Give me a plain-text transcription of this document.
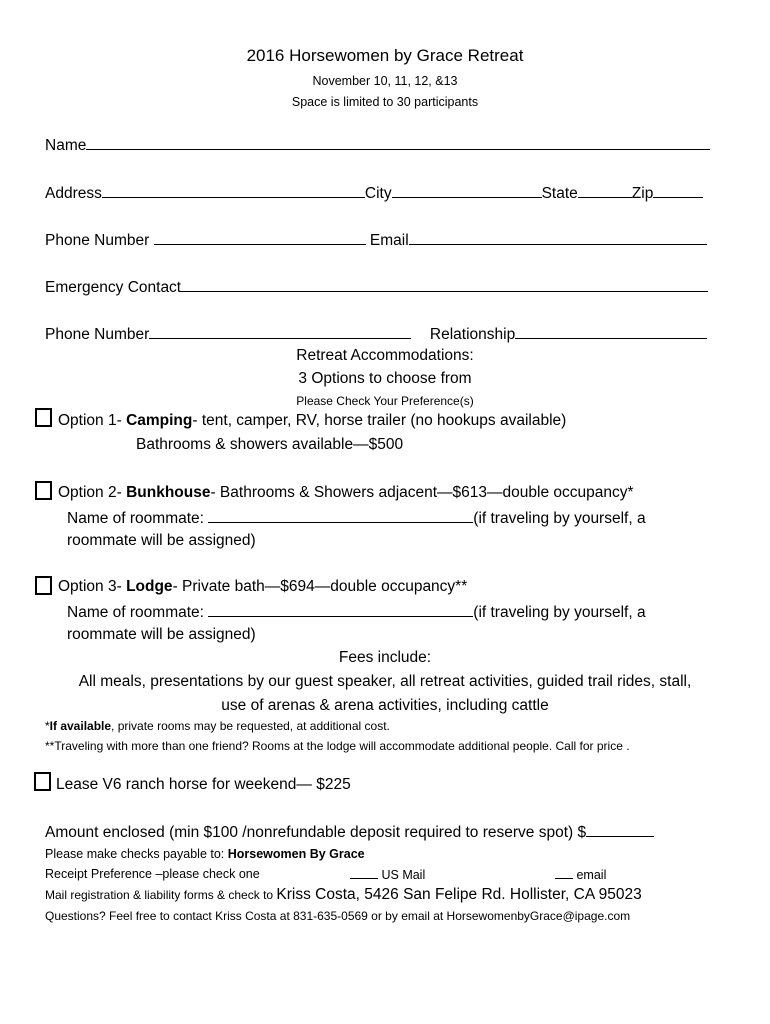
2016 Horsewomen by Grace Retreat
November 10, 11, 12, &13
Space is limited to 30 participants
Name
Address	City	State	Zip
Phone Number	Email
Emergency Contact
Phone Number	Relationship
Retreat Accommodations:
3 Options to choose from
Please Check Your Preference(s)
Option 1- Camping- tent, camper, RV, horse trailer (no hookups available)
Bathrooms & showers available—$500
Option 2- Bunkhouse- Bathrooms & Showers adjacent—$613—double occupancy*
Name of roommate:	(if traveling by yourself, a
roommate will be assigned)
Option 3- Lodge- Private bath—$694—double occupancy**
Name of roommate:	(if traveling by yourself, a
roommate will be assigned)
Fees include:
All meals, presentations by our guest speaker, all retreat activities, guided trail rides, stall,
use of arenas & arena activities, including cattle
*If available, private rooms may be requested, at additional cost.
**Traveling with more than one friend? Rooms at the lodge will accommodate additional people. Call for price .
Lease V6 ranch horse for weekend— $225
Amount enclosed (min $100 /nonrefundable deposit required to reserve spot) $
Please make checks payable to: Horsewomen By Grace
Receipt Preference –please check one	US Mail	email
Mail registration & liability forms & check to Kriss Costa, 5426 San Felipe Rd. Hollister, CA 95023
Questions? Feel free to contact Kriss Costa at 831-635-0569 or by email at HorsewomenbyGrace@ipage.com
